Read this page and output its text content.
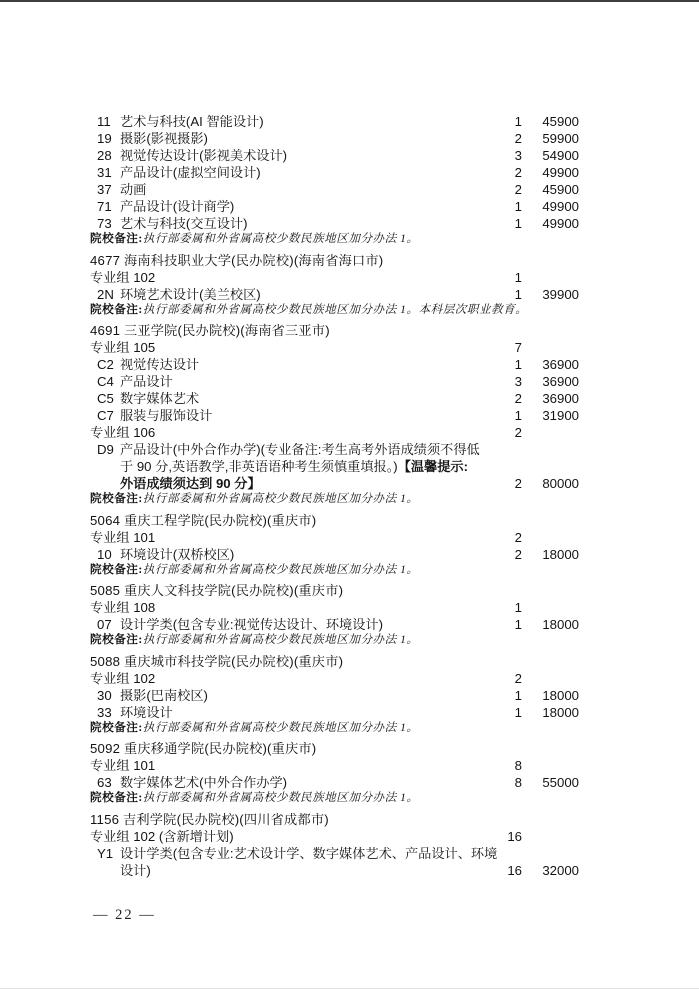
11 艺术与科技(AI 智能设计)	1 45900
19 摄影(影视摄影)	2 59900
28 视觉传达设计(影视美术设计)	3 54900
31 产品设计(虚拟空间设计)	2 49900
37 动画	2 45900
71 产品设计(设计商学)	1 49900
73 艺术与科技(交互设计)	1 49900
院校备注:执行部委属和外省属高校少数民族地区加分办法 1。
4677 海南科技职业大学(民办院校)(海南省海口市)
专业组 102	1
2N 环境艺术设计(美兰校区)	1 39900
院校备注:执行部委属和外省属高校少数民族地区加分办法 1。本科层次职业教育。
4691 三亚学院(民办院校)(海南省三亚市)
专业组 105	7
C2 视觉传达设计	1 36900
C4 产品设计	3 36900
C5 数字媒体艺术	2 36900
C7 服装与服饰设计	1 31900
专业组 106	2
D9 产品设计(中外合作办学)(专业备注:考生高考外语成绩须不得低
于 90 分,英语教学,非英语语种考生须慎重填报。)【温馨提示:
外语成绩须达到 90 分】	2 80000
院校备注:执行部委属和外省属高校少数民族地区加分办法 1。
5064 重庆工程学院(民办院校)(重庆市)
专业组 101	2
10 环境设计(双桥校区)	2 18000
院校备注:执行部委属和外省属高校少数民族地区加分办法 1。
5085 重庆人文科技学院(民办院校)(重庆市)
专业组 108	1
07 设计学类(包含专业:视觉传达设计、环境设计)	1 18000
院校备注:执行部委属和外省属高校少数民族地区加分办法 1。
5088 重庆城市科技学院(民办院校)(重庆市)
专业组 102	2
30 摄影(巴南校区)	1 18000
33 环境设计	1 18000
院校备注:执行部委属和外省属高校少数民族地区加分办法 1。
5092 重庆移通学院(民办院校)(重庆市)
专业组 101	8
63 数字媒体艺术(中外合作办学)	8 55000
院校备注:执行部委属和外省属高校少数民族地区加分办法 1。
1156 吉利学院(民办院校)(四川省成都市)
专业组 102 (含新增计划)	16
Y1 设计学类(包含专业:艺术设计学、数字媒体艺术、产品设计、环境
设计)	16 32000
— 22 —
